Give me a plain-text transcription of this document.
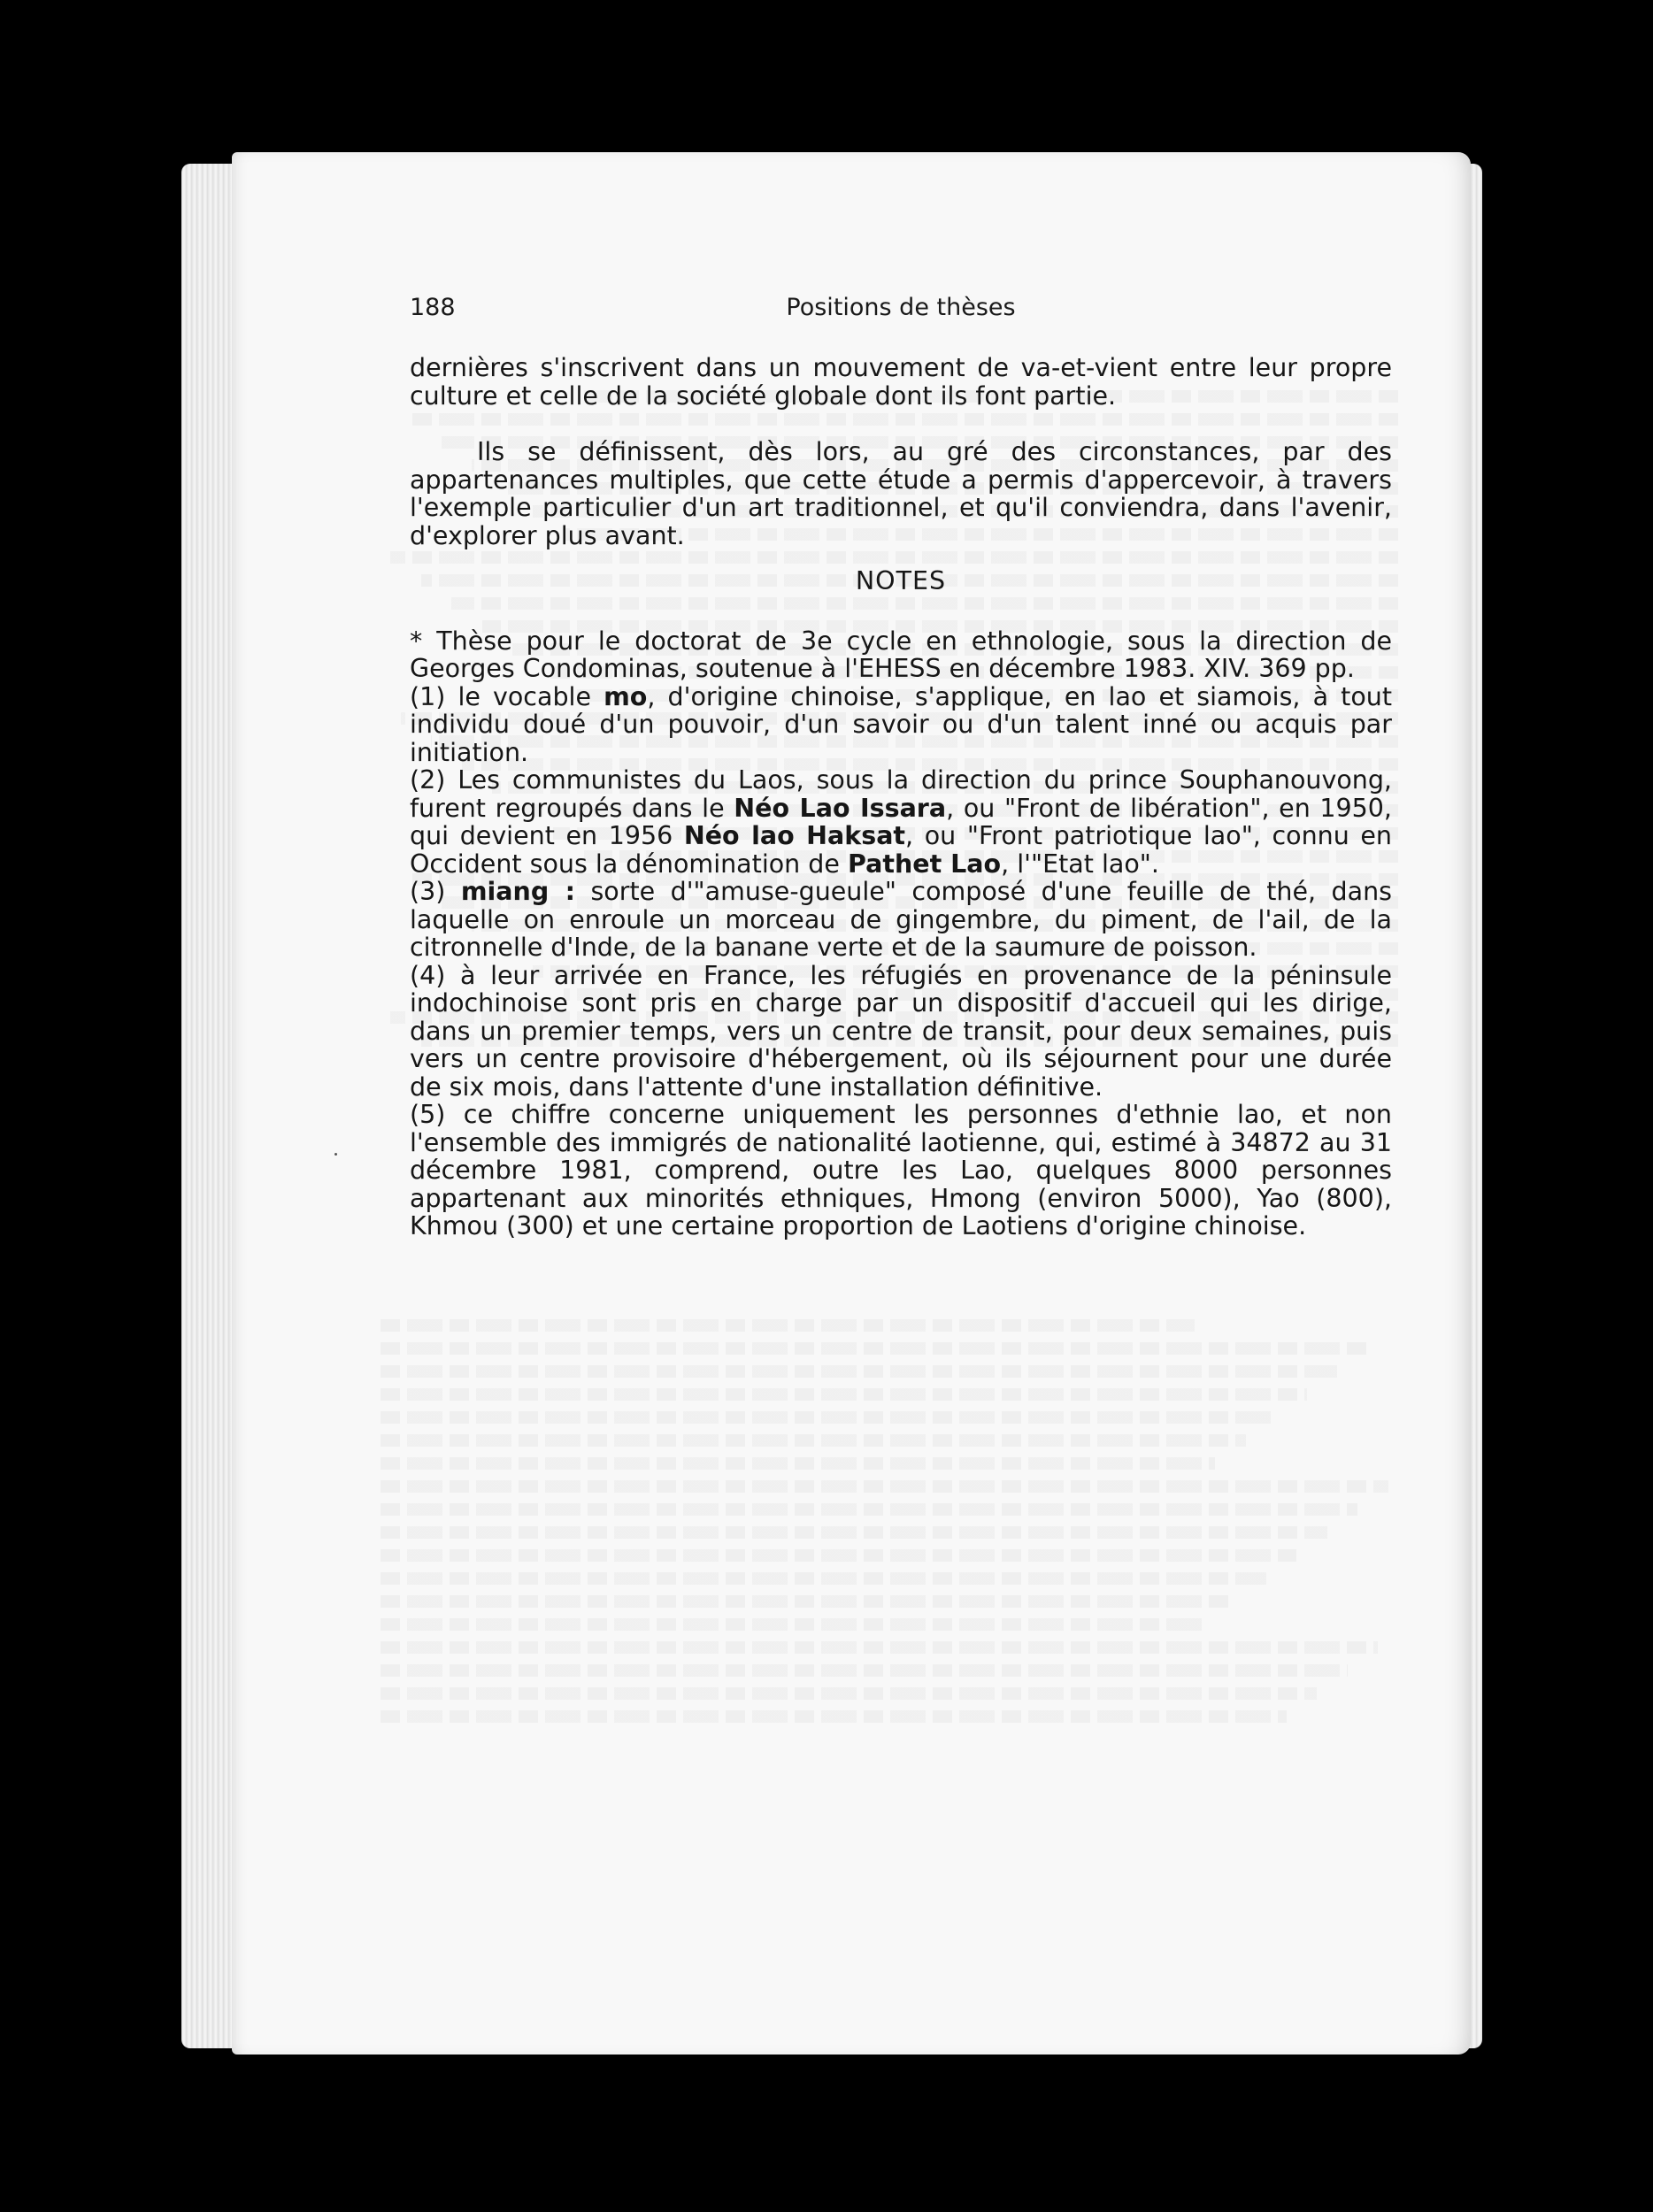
188	Positions de thèses

dernières s'inscrivent dans un mouvement de va-et-vient entre leur propre culture et celle de la société globale dont ils font partie.

Ils se définissent, dès lors, au gré des circonstances, par des appartenances multiples, que cette étude a permis d'appercevoir, à travers l'exemple particulier d'un art traditionnel, et qu'il conviendra, dans l'avenir, d'explorer plus avant.

NOTES

* Thèse pour le doctorat de 3e cycle en ethnologie, sous la direction de Georges Condominas, soutenue à l'EHESS en décembre 1983. XIV. 369 pp.

(1) le vocable mo, d'origine chinoise, s'applique, en lao et siamois, à tout individu doué d'un pouvoir, d'un savoir ou d'un talent inné ou acquis par initiation.

(2) Les communistes du Laos, sous la direction du prince Souphanouvong, furent regroupés dans le Néo Lao Issara, ou "Front de libération", en 1950, qui devient en 1956 Néo lao Haksat, ou "Front patriotique lao", connu en Occident sous la dénomination de Pathet Lao, l'"Etat lao".

(3) miang : sorte d'"amuse-gueule" composé d'une feuille de thé, dans laquelle on enroule un morceau de gingembre, du piment, de l'ail, de la citronnelle d'Inde, de la banane verte et de la saumure de poisson.

(4) à leur arrivée en France, les réfugiés en provenance de la péninsule indochinoise sont pris en charge par un dispositif d'accueil qui les dirige, dans un premier temps, vers un centre de transit, pour deux semaines, puis vers un centre provisoire d'hébergement, où ils séjournent pour une durée de six mois, dans l'attente d'une installation définitive.

(5) ce chiffre concerne uniquement les personnes d'ethnie lao, et non l'ensemble des immigrés de nationalité laotienne, qui, estimé à 34872 au 31 décembre 1981, comprend, outre les Lao, quelques 8000 personnes appartenant aux minorités ethniques, Hmong (environ 5000), Yao (800), Khmou (300) et une certaine proportion de Laotiens d'origine chinoise.
